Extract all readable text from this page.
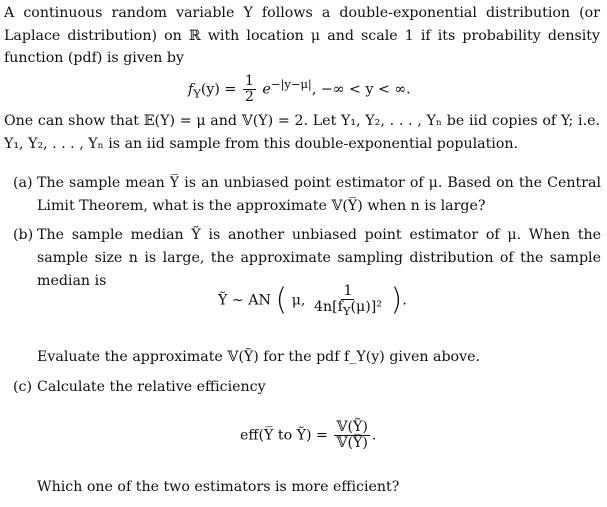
A continuous random variable Y follows a double-exponential distribution (or Laplace distribution) on ℝ with location μ and scale 1 if its probability density function (pdf) is given by
$f_Y(y) = \frac{1}{2} e^{-|y-\mu|}$, −∞ < y < ∞.
One can show that 𝔼(Y) = μ and 𝕍(Y) = 2. Let Y₁, Y₂, . . . , Yₙ be iid copies of Y; i.e. Y₁, Y₂, . . . , Yₙ is an iid sample from this double-exponential population.
(a) The sample mean Y̅ is an unbiased point estimator of μ. Based on the Central Limit Theorem, what is the approximate 𝕍(Y̅) when n is large?
(b) The sample median Ỹ is another unbiased point estimator of μ. When the sample size n is large, the approximate sampling distribution of the sample median is
Ỹ ∼ AN ( μ, $\frac{1}{4n[f_Y(\mu)]^2}$ ).
Evaluate the approximate 𝕍(Ỹ) for the pdf f_Y(y) given above.
(c) Calculate the relative efficiency
eff(Y̅ to Ỹ) = $\frac{\text{𝕍(Ỹ)}}{\text{𝕍(Y̅)}}$ .
Which one of the two estimators is more efficient?
